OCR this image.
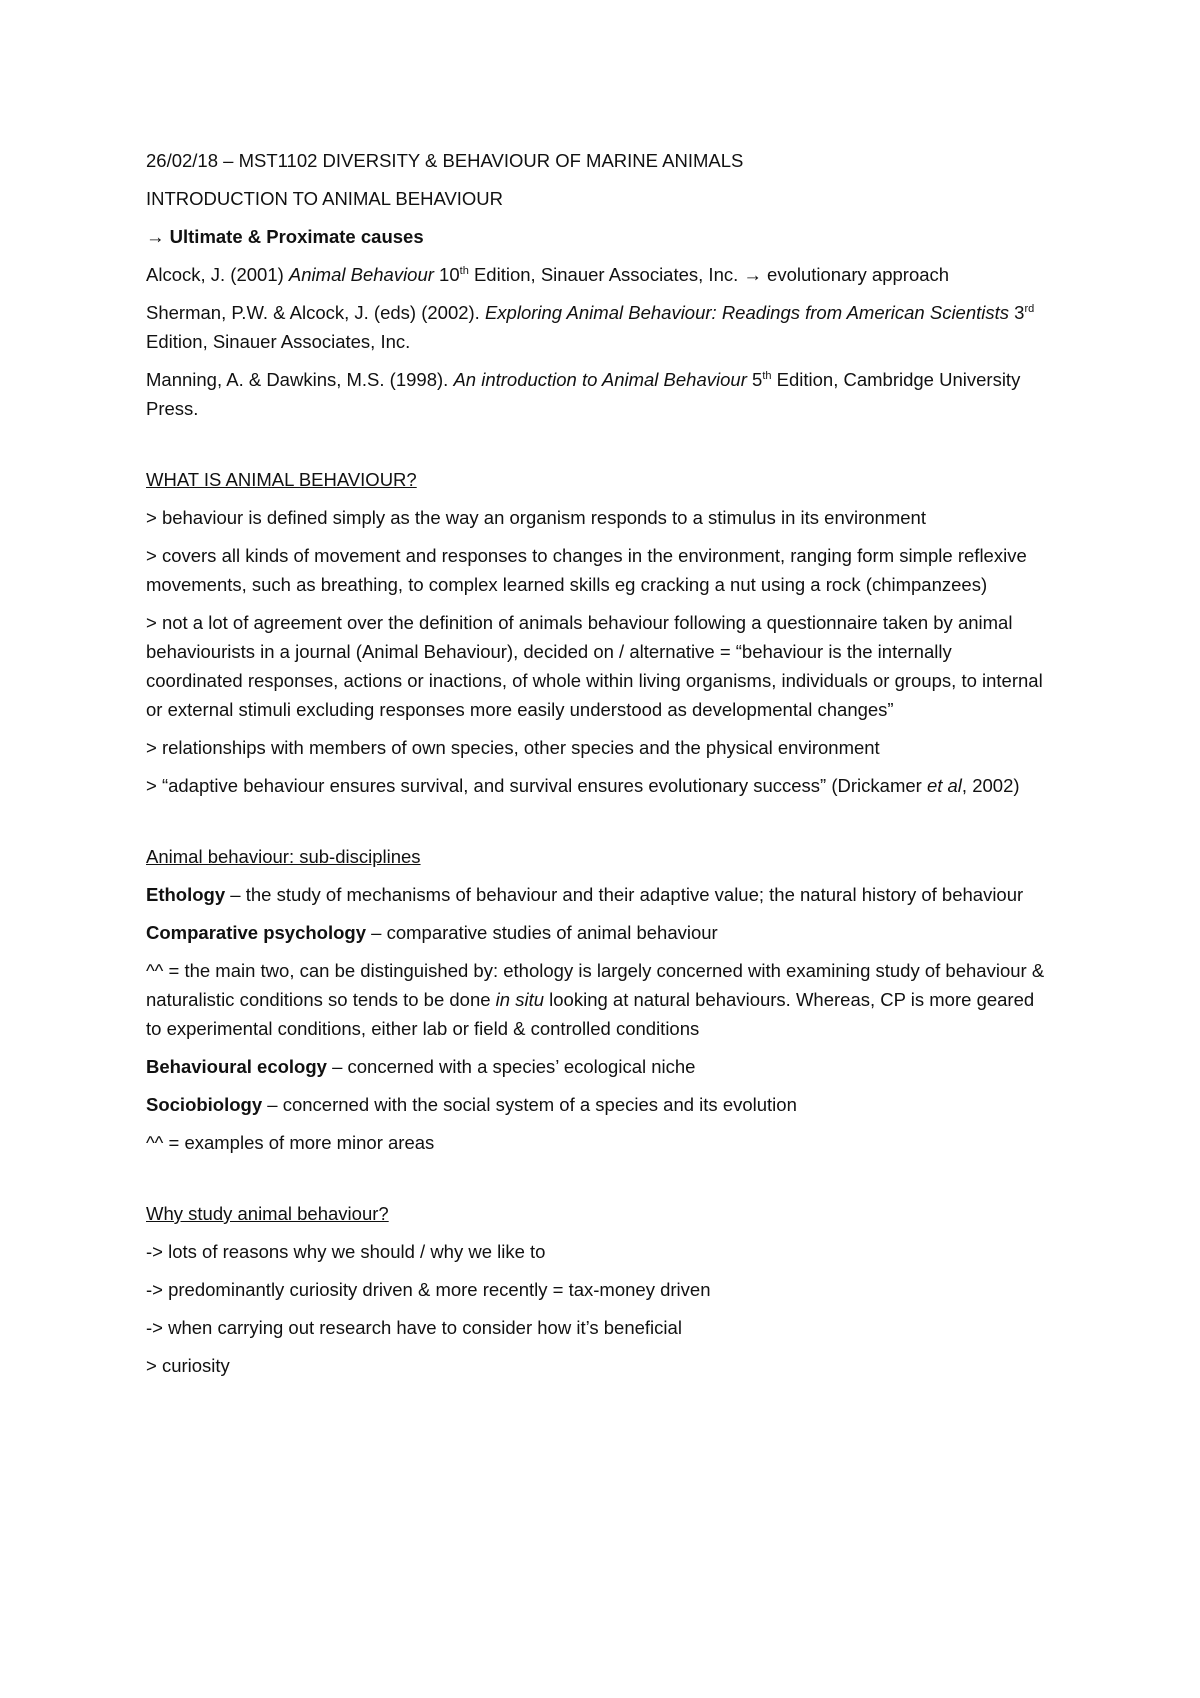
26/02/18 – MST1102 DIVERSITY & BEHAVIOUR OF MARINE ANIMALS
INTRODUCTION TO ANIMAL BEHAVIOUR
→ Ultimate & Proximate causes
Alcock, J. (2001) Animal Behaviour 10th Edition, Sinauer Associates, Inc. → evolutionary approach
Sherman, P.W. & Alcock, J. (eds) (2002). Exploring Animal Behaviour: Readings from American Scientists 3rd Edition, Sinauer Associates, Inc.
Manning, A. & Dawkins, M.S. (1998). An introduction to Animal Behaviour 5th Edition, Cambridge University Press.
WHAT IS ANIMAL BEHAVIOUR?
> behaviour is defined simply as the way an organism responds to a stimulus in its environment
> covers all kinds of movement and responses to changes in the environment, ranging form simple reflexive movements, such as breathing, to complex learned skills eg cracking a nut using a rock (chimpanzees)
> not a lot of agreement over the definition of animals behaviour following a questionnaire taken by animal behaviourists in a journal (Animal Behaviour), decided on / alternative = “behaviour is the internally coordinated responses, actions or inactions, of whole within living organisms, individuals or groups, to internal or external stimuli excluding responses more easily understood as developmental changes”
> relationships with members of own species, other species and the physical environment
> “adaptive behaviour ensures survival, and survival ensures evolutionary success” (Drickamer et al, 2002)
Animal behaviour: sub-disciplines
Ethology – the study of mechanisms of behaviour and their adaptive value; the natural history of behaviour
Comparative psychology – comparative studies of animal behaviour
^^ = the main two, can be distinguished by: ethology is largely concerned with examining study of behaviour & naturalistic conditions so tends to be done in situ looking at natural behaviours. Whereas, CP is more geared to experimental conditions, either lab or field & controlled conditions
Behavioural ecology – concerned with a species’ ecological niche
Sociobiology – concerned with the social system of a species and its evolution
^^ = examples of more minor areas
Why study animal behaviour?
-> lots of reasons why we should / why we like to
-> predominantly curiosity driven & more recently = tax-money driven
-> when carrying out research have to consider how it’s beneficial
> curiosity
